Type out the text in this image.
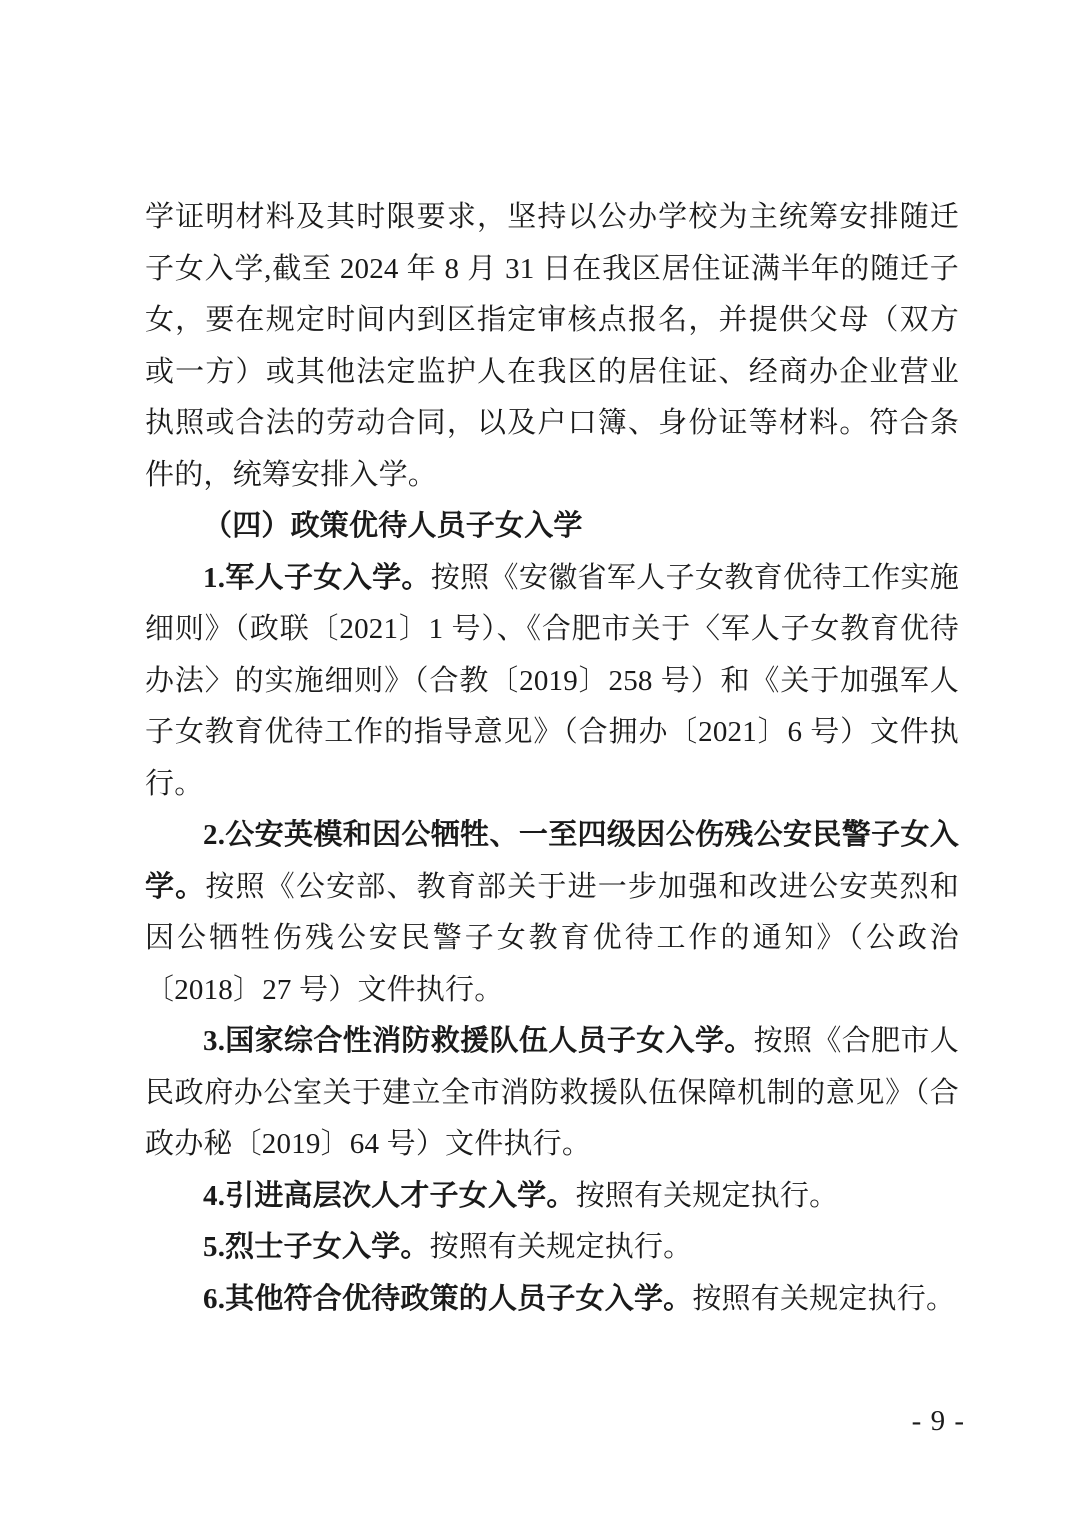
学证明材料及其时限要求，坚持以公办学校为主统筹安排随迁子女入学,截至 2024 年 8 月 31 日在我区居住证满半年的随迁子女，要在规定时间内到区指定审核点报名，并提供父母（双方或一方）或其他法定监护人在我区的居住证、经商办企业营业执照或合法的劳动合同，以及户口簿、身份证等材料。符合条件的，统筹安排入学。

（四）政策优待人员子女入学

1.军人子女入学。按照《安徽省军人子女教育优待工作实施细则》（政联〔2021〕1 号）、《合肥市关于〈军人子女教育优待办法〉的实施细则》（合教〔2019〕258 号）和《关于加强军人子女教育优待工作的指导意见》（合拥办〔2021〕6 号）文件执行。

2.公安英模和因公牺牲、一至四级因公伤残公安民警子女入学。按照《公安部、教育部关于进一步加强和改进公安英烈和因公牺牲伤残公安民警子女教育优待工作的通知》（公政治〔2018〕27 号）文件执行。

3.国家综合性消防救援队伍人员子女入学。按照《合肥市人民政府办公室关于建立全市消防救援队伍保障机制的意见》（合政办秘〔2019〕64 号）文件执行。

4.引进高层次人才子女入学。按照有关规定执行。

5.烈士子女入学。按照有关规定执行。

6.其他符合优待政策的人员子女入学。按照有关规定执行。

- 9 -
